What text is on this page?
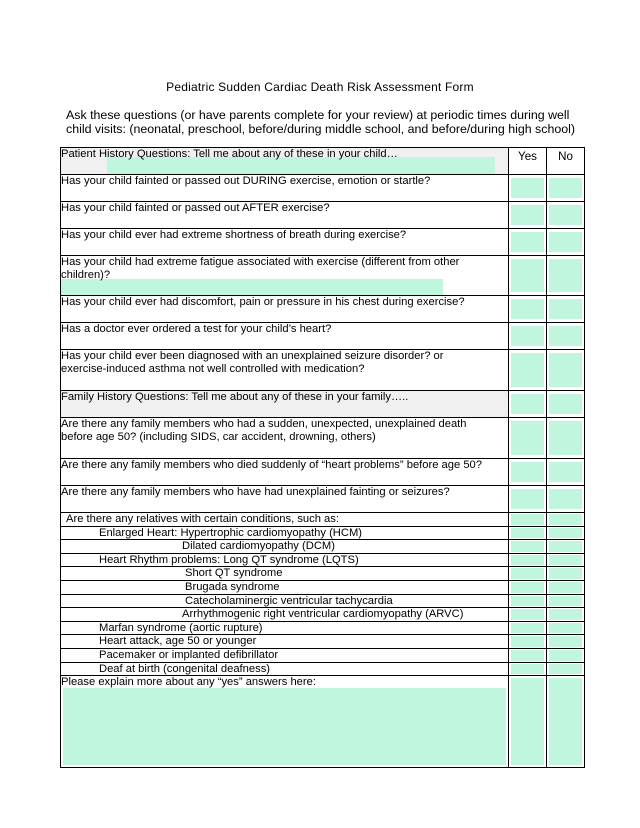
Pediatric Sudden Cardiac Death Risk Assessment Form
Ask these questions (or have parents complete for your review) at periodic times during well
child visits: (neonatal, preschool, before/during middle school, and before/during high school)
Patient History Questions: Tell me about any of these in your child…	Yes	No
Has your child fainted or passed out DURING exercise, emotion or startle?	

Has your child fainted or passed out AFTER exercise?	

Has your child ever had extreme shortness of breath during exercise?	

Has your child had extreme fatigue associated with exercise (different from other children)?		

Has your child ever had discomfort, pain or pressure in his chest during exercise?	

Has a doctor ever ordered a test for your child’s heart?	

Has your child ever been diagnosed with an unexplained seizure disorder? or exercise-induced asthma not well controlled with medication?	

Family History Questions: Tell me about any of these in your family…..	

Are there any family members who had a sudden, unexpected, unexplained death before age 50? (including SIDS, car accident, drowning, others)	

Are there any family members who died suddenly of “heart problems” before age 50?	

Are there any family members who have had unexplained fainting or seizures?	

Are there any relatives with certain conditions, such as:	

Enlarged Heart: Hypertrophic cardiomyopathy (HCM)	

Dilated cardiomyopathy (DCM)	

Heart Rhythm problems: Long QT syndrome (LQTS)	

Short QT syndrome	

Brugada syndrome	

Catecholaminergic ventricular tachycardia	

Arrhythmogenic right ventricular cardiomyopathy (ARVC)	

Marfan syndrome (aortic rupture)	

Heart attack, age 50 or younger	

Pacemaker or implanted defibrillator	

Deaf at birth (congenital deafness)	

Please explain more about any “yes” answers here:		
